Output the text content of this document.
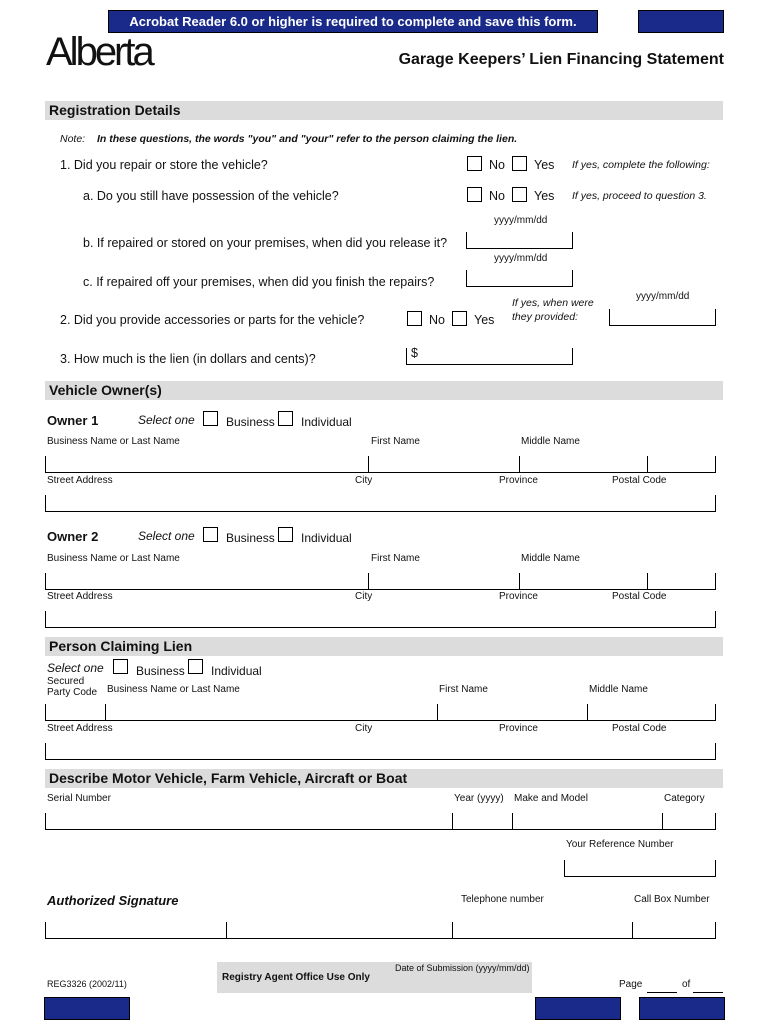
Acrobat Reader 6.0 or higher is required to complete and save this form.
Alberta	Garage Keepers’ Lien Financing Statement
Registration Details
Note: In these questions, the words "you" and "your" refer to the person claiming the lien.
1. Did you repair or store the vehicle?	No Yes If yes, complete the following:
a. Do you still have possession of the vehicle?	No Yes If yes, proceed to question 3.
yyyy/mm/dd
b. If repaired or stored on your premises, when did you release it?
yyyy/mm/dd
c. If repaired off your premises, when did you finish the repairs?
If yes, when were
they provided:
yyyy/mm/dd
2. Did you provide accessories or parts for the vehicle?	No Yes
3. How much is the lien (in dollars and cents)?	$
Vehicle Owner(s)
Owner 1	Select one	Business Individual
Business Name or Last Name	First Name	Middle Name
Street Address	City	Province	Postal Code
Owner 2	Select one	Business Individual
Business Name or Last Name	First Name	Middle Name
Street Address	City	Province	Postal Code
Person Claiming Lien
Select one	Business Individual
Secured
Party Code Business Name or Last Name	First Name	Middle Name
Street Address	City	Province	Postal Code
Describe Motor Vehicle, Farm Vehicle, Aircraft or Boat
Serial Number	Year (yyyy) Make and Model	Category
Your Reference Number
Authorized Signature	Telephone number	Call Box Number
REG3326 (2002/11)
Registry Agent Office Use Only
Date of Submission (yyyy/mm/dd)
Page	of
